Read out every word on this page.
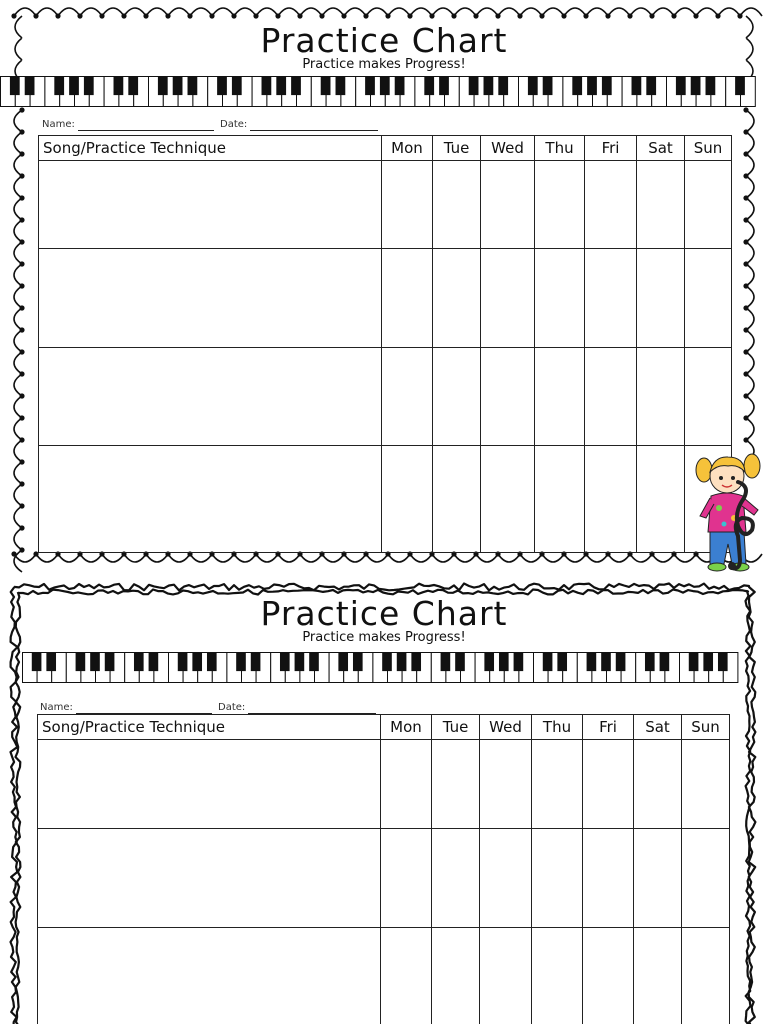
Practice Chart
Practice makes Progress!
Name:	Date:
Song/Practice Technique	Mon	Tue	Wed	Thu	Fri	Sat	Sun

Practice Chart
Practice makes Progress!
Name:	Date:
Song/Practice Technique	Mon	Tue	Wed	Thu	Fri	Sat	Sun
